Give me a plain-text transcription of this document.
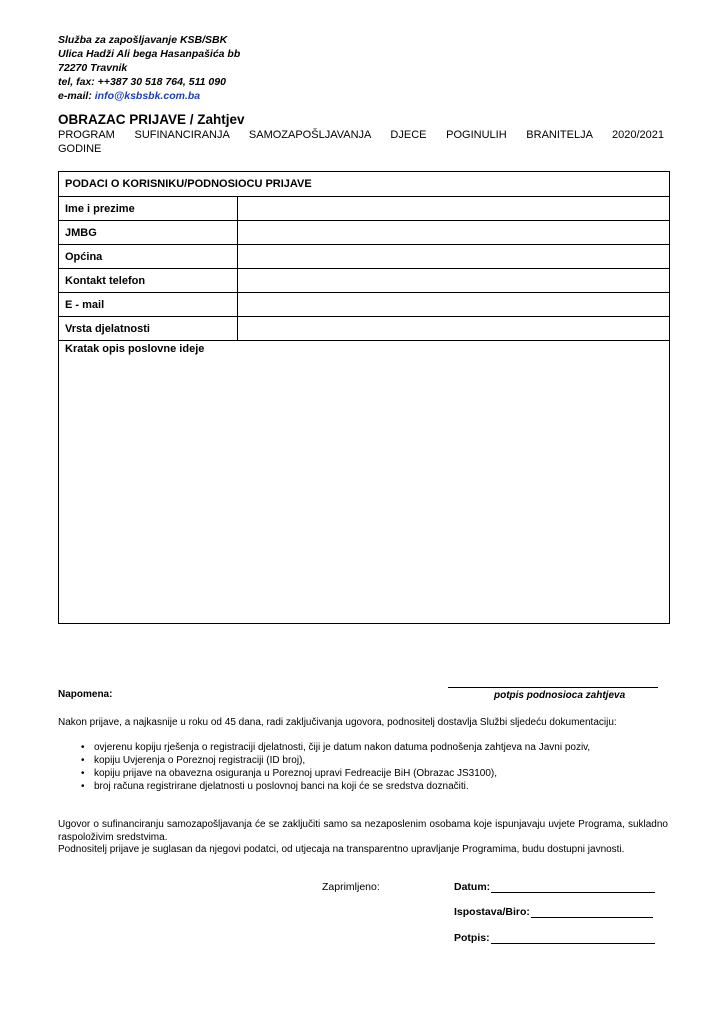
Služba za zapošljavanje KSB/SBK
Ulica Hadži Ali bega Hasanpašića bb
72270 Travnik
tel, fax: ++387 30 518 764, 511 090
e-mail: info@ksbsbk.com.ba
OBRAZAC PRIJAVE / Zahtjev
PROGRAM SUFINANCIRANJA SAMOZAPOŠLJAVANJA DJECE POGINULIH BRANITELJA 2020/2021
GODINE
PODACI O KORISNIKU/PODNOSIOCU PRIJAVE	
Ime i prezime	
JMBG	
Općina	
Kontakt telefon	
E - mail	
Vrsta djelatnosti	

Kratak opis poslovne ideje	
Napomena:	potpis podnosioca zahtjeva
Nakon prijave, a najkasnije u roku od 45 dana, radi zaključivanja ugovora, podnositelj dostavlja Službi sljedeću dokumentaciju:
• ovjerenu kopiju rješenja o registraciji djelatnosti, čiji je datum nakon datuma podnošenja zahtjeva na Javni poziv,
• kopiju Uvjerenja o Poreznoj registraciji (ID broj),
• kopiju prijave na obavezna osiguranja u Poreznoj upravi Fedreacije BiH (Obrazac JS3100),
• broj računa registrirane djelatnosti u poslovnoj banci na koji će se sredstva doznačiti.
Ugovor o sufinanciranju samozapošljavanja će se zaključiti samo sa nezaposlenim osobama koje ispunjavaju uvjete Programa, sukladno raspoloživim sredstvima.
Podnositelj prijave je suglasan da njegovi podatci, od utjecaja na transparentno upravljanje Programima, budu dostupni javnosti.
Zaprimljeno:	Datum:
Ispostava/Biro:
Potpis:
